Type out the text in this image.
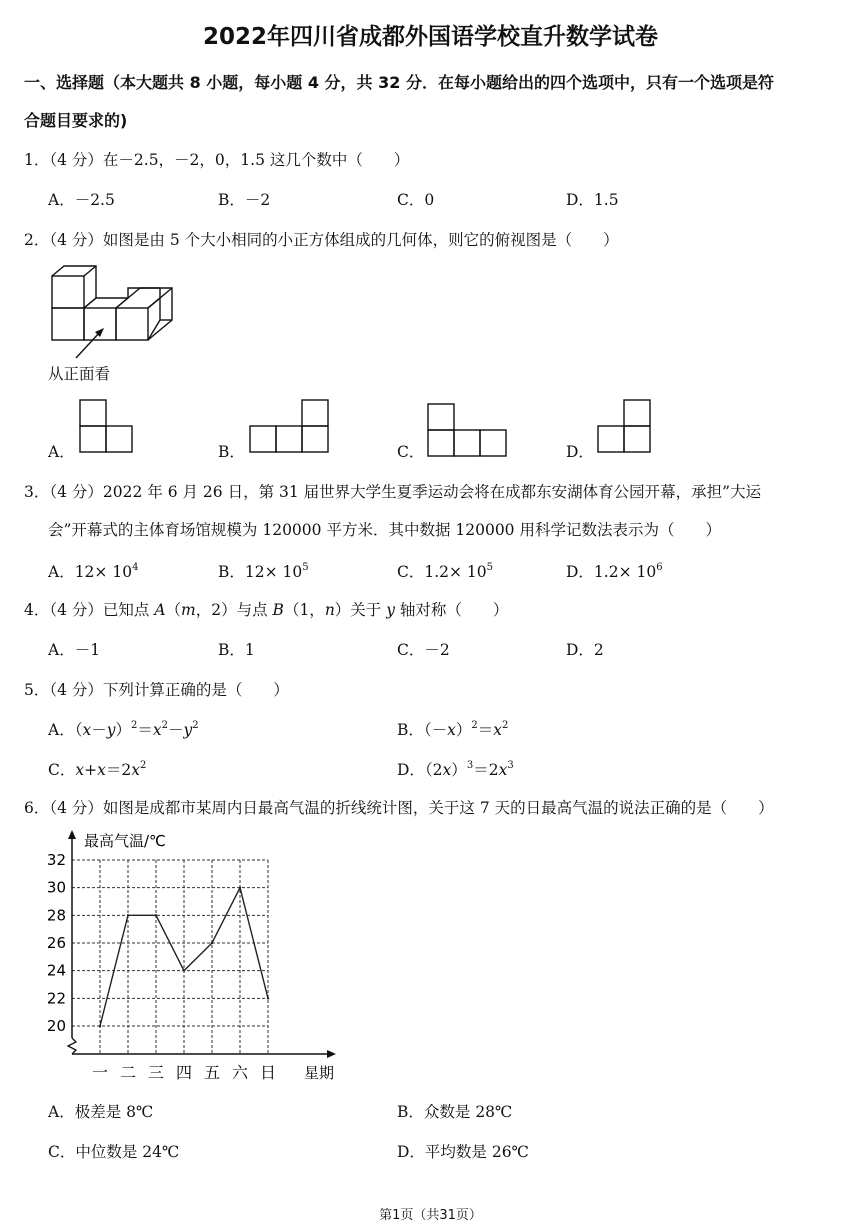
2022年四川省成都外国语学校直升数学试卷
一、选择题（本大题共 8 小题，每小题 4 分，共 32 分．在每小题给出的四个选项中，只有一个选项是符
合题目要求的)
1．（4 分）在－2.5，－2，0，1.5 这几个数中（　　）
A．－2.5	B．－2	C．0	D．1.5
2．（4 分）如图是由 5 个大小相同的小正方体组成的几何体，则它的俯视图是（　　）
从正面看
A．	B．	C．	D．
3．（4 分）2022 年 6 月 26 日，第 31 届世界大学生夏季运动会将在成都东安湖体育公园开幕，承担”大运
会”开幕式的主体育场馆规模为 120000 平方米．其中数据 120000 用科学记数法表示为（　　）
A．$12\times 10^4$	B．$12\times 10^5$	C．$1.2\times 10^5$	D．$1.2\times 10^6$
4．（4 分）已知点 A（m，2）与点 B（1，n）关于 y 轴对称（　　）
A．－1	B．1	C．－2	D．2
5．（4 分）下列计算正确的是（　　）
A．$(x-y)^2=x^2-y^2$	B．$(-x)^2=x^2$
C．$x+x=2x^2$	D．$(2x)^3=2x^3$
6．（4 分）如图是成都市某周内日最高气温的折线统计图，关于这 7 天的日最高气温的说法正确的是（　　）
20
22
24
26
28
30
32
一 二 三 四 五 六 日
最高气温/℃
星期
A．极差是 8℃	B．众数是 28℃
C．中位数是 24℃	D．平均数是 26℃
第1页（共31页）
